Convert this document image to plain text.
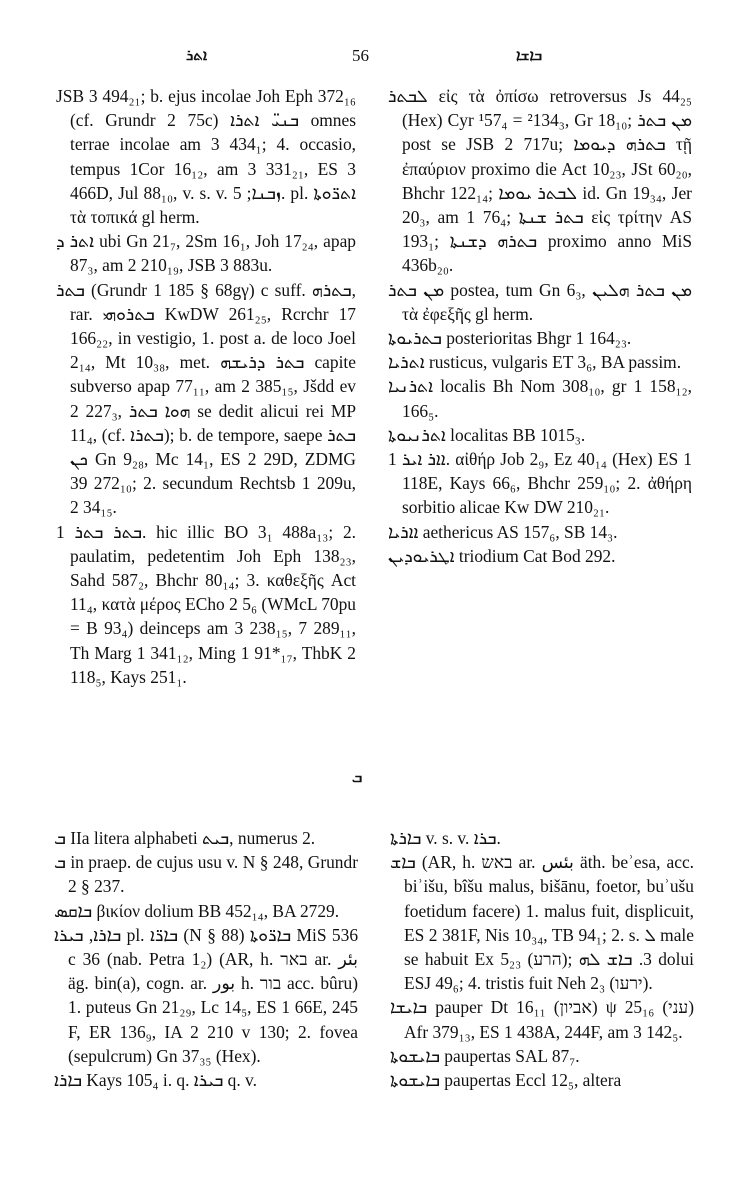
ܐܬܪ	56	ܒܐܫܐ

JSB 3 494₂₁; b. ejus incolae Joh Eph 372₁₆ (cf. Grundr 2 75c) ܒܢܝ̈ ܐܬܪܐ omnes terrae incolae am 3 434₁; 4. occasio, tempus 1Cor 16₁₂, am 3 331₂₁, ES 3 466D, Jul 88₁₀, v. s. v. ܙܒܢܐ; 5. pl. ܐܬܪ̈ܘܬܐ τὰ τοπικά gl herm.

ܐܬܪ ܕ ubi Gn 21₇, 2Sm 16₁, Joh 17₂₄, apap 87₃, am 2 210₁₉, JSB 3 883u.

ܒܬܪ (Grundr 1 185 § 68gγ) c suff. ܒܬܪܗ, rar. ܒܬܪܘܗܝ KwDW 261₂₅, Rcrchr 17 166₂₂, in vestigio, 1. post a. de loco Joel 2₁₄, Mt 10₃₈, met. ܒܬܪ ܕܪܝܫܗ capite subverso apap 77₁₁, am 2 385₁₅, Jšdd ev 2 227₃, ܗܘܐ ܒܬܪ se dedit alicui rei MP 11₄, (cf. ܒܬܪܐ); b. de tempore, saepe ܒܬܪ ܟܢ Gn 9₂₈, Mc 14₁, ES 2 29D, ZDMG 39 272₁₀; 2. secundum Rechtsb 1 209u, 2 34₁₅.

ܒܬܪ ܒܬܪ 1. hic illic BO 3₁ 488a₁₃; 2. paulatim, pedetentim Joh Eph 138₂₃, Sahd 587₂, Bhchr 80₁₄; 3. καθεξῆς Act 11₄, κατὰ μέρος ECho 2 5₆ (WMcL 70pu = B 93₄) deinceps am 3 238₁₅, 7 289₁₁, Th Marg 1 341₁₂, Ming 1 91*₁₇, ThbK 2 118₅, Kays 251₁.

ܠܒܬܪ εἰς τὰ ὀπίσω retroversus Js 44₂₅ (Hex) Cyr ¹57₄ = ²134₃, Gr 18₁₀; ܡܢ ܒܬܪ post se JSB 2 717u; ܒܬܪܗ ܕܝܘܡܐ τῇ ἐπαύριον proximo die Act 10₂₃, JSt 60₂₀, Bhchr 122₁₄; ܠܒܬܪ ܝܘܡܐ id. Gn 19₃₄, Jer 20₃, am 1 76₄; ܒܬܪ ܫܢܬܐ εἰς τρίτην AS 193₁; ܒܬܪܗ ܕܫܢܬܐ proximo anno MiS 436b₂₀.

ܡܢ ܒܬܪ postea, tum Gn 6₃, ܡܢ ܒܬܪ ܗܠܝܢ τὰ ἐφεξῆς gl herm.

ܒܬܪܝܘܬܐ posterioritas Bhgr 1 164₂₃.

ܐܬܪܝܐ rusticus, vulgaris ET 3₆, BA passim.

ܐܬܪܢܝܐ localis Bh Nom 308₁₀, gr 1 158₁₂, 166₅.

ܐܬܪܢܝܘܬܐ localitas BB 1015₃.

ܐܐܪ ܐܝܪ 1. αἰθήρ Job 2₉, Ez 40₁₄ (Hex) ES 1 118E, Kays 66₆, Bhchr 259₁₀; 2. ἀθήρη sorbitio alicae Kw DW 210₂₁.

ܐܐܪܝܐ aethericus AS 157₆, SB 14₃.

ܐܛܪܝܘܕܝܢ triodium Cat Bod 292.

ܒ

ܒ IIa litera alphabeti ܒܝܬ, numerus 2.

ܒ in praep. de cujus usu v. N § 248, Grundr 2 § 237.

ܒܐܩܣ βικίον dolium BB 452₁₄, BA 2729.

ܒܐܪܐ, ܒܝܪܐ pl. ܒܐܪ̈ܐ (N § 88) ܒܐܪ̈ܘܬܐ MiS 536 c 36 (nab. Petra 1₂) (AR, h. באר ar. بئر äg. bin(a), cogn. ar. بور h. בור acc. bûru) 1. puteus Gn 21₂₉, Lc 14₅, ES 1 66E, 245 F, ER 136₉, IA 2 210 v 130; 2. fovea (sepulcrum) Gn 37₃₅ (Hex).

ܒܐܪܐ Kays 105₄ i. q. ܒܝܪܐ q. v.

ܒܐܪܬܐ v. s. v. ܒܪܐ.

ܒܐܫ (AR, h. באש ar. بئس äth. beʾesa, acc. biʾišu, bîšu malus, bišānu, foetor, buʾušu foetidum facere) 1. malus fuit, displicuit, ES 2 381F, Nis 10₃₄, TB 94₁; 2. s. ܠ male se habuit Ex 5₂₃ (הרע); 3. ܒܐܫ ܠܗ dolui ESJ 49₆; 4. tristis fuit Neh 2₃ (ירעו).

ܒܐܝܫܐ pauper Dt 16₁₁ (אביון) ψ 25₁₆ (עני) Afr 379₁₃, ES 1 438A, 244F, am 3 142₅.

ܒܐܝܫܘܬܐ paupertas SAL 87₇.

ܒܐܝܫܘܬܐ paupertas Eccl 12₅, altera
